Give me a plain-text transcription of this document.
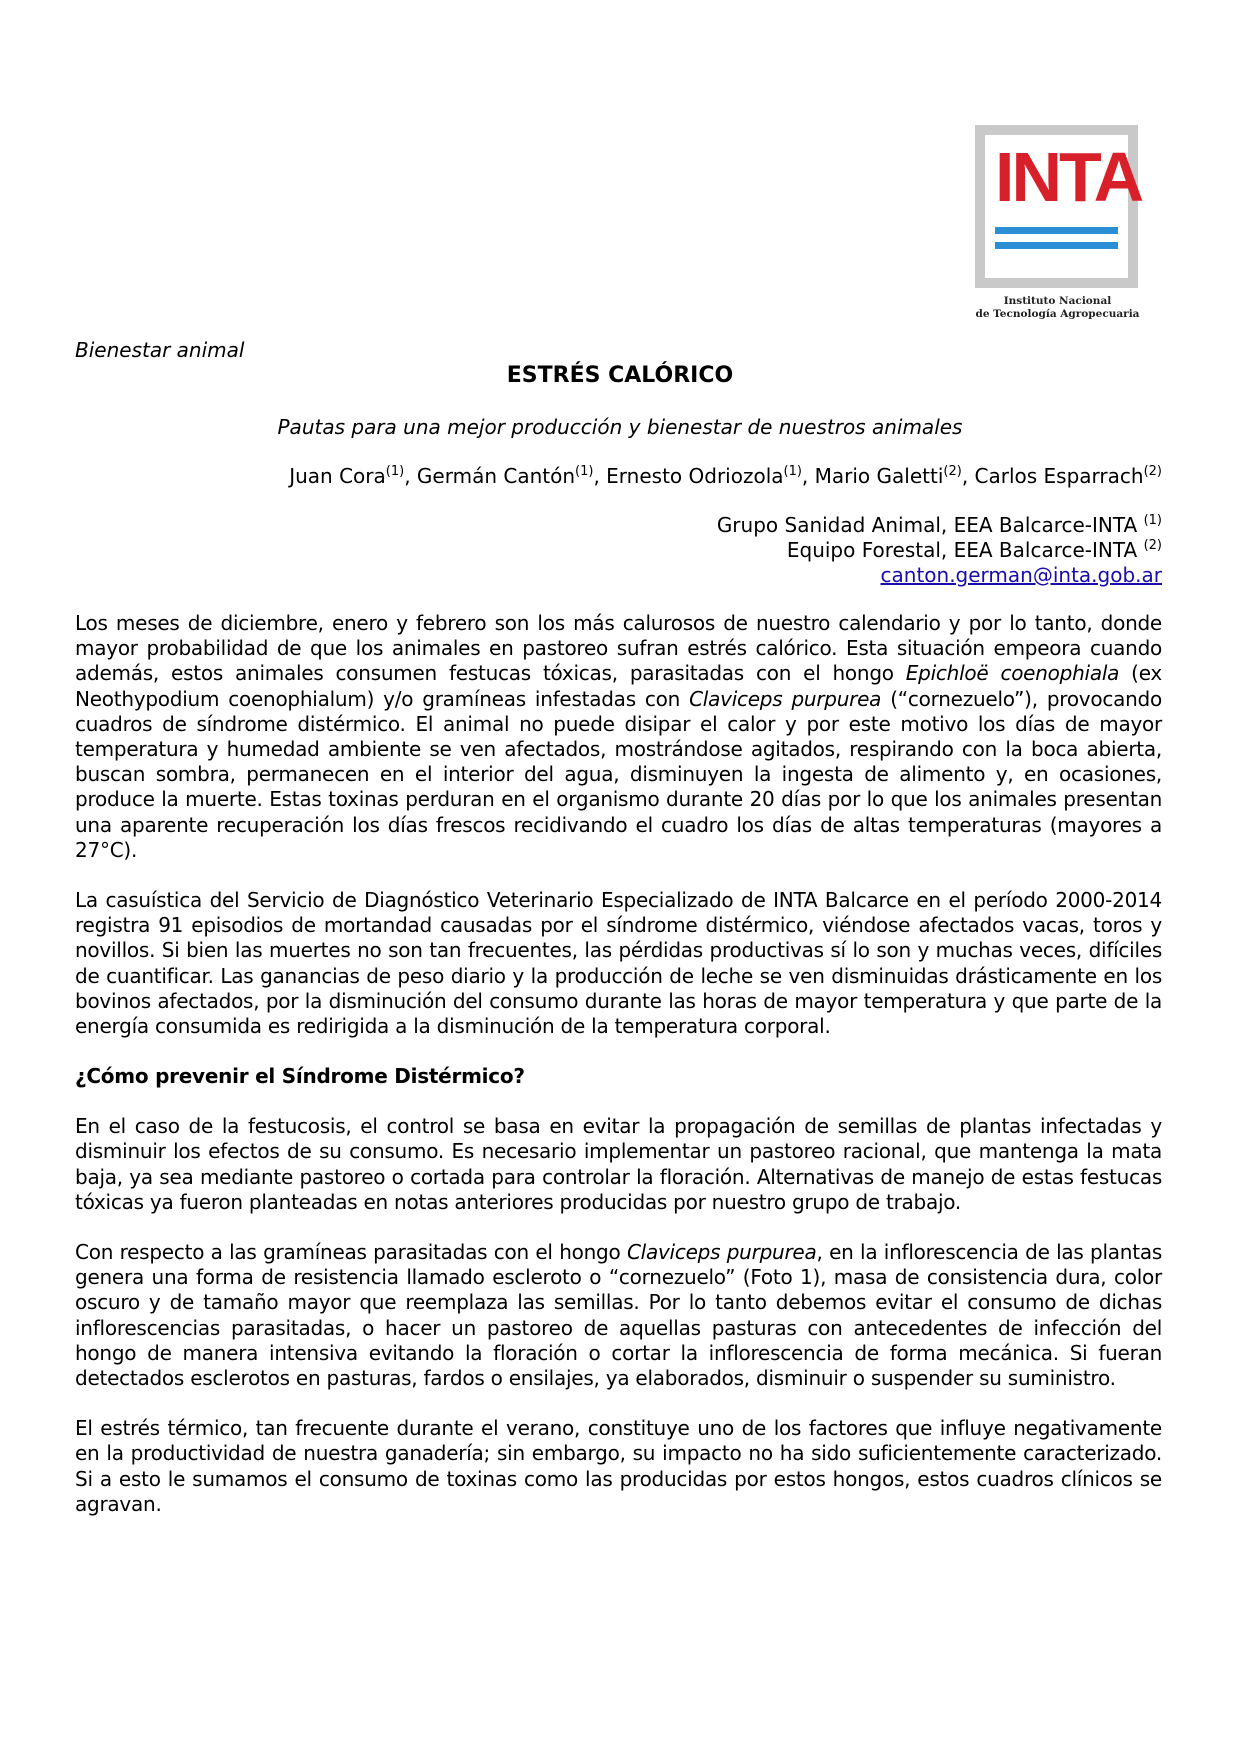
INTA
Instituto Nacional
de Tecnología Agropecuaria
Bienestar animal
ESTRÉS CALÓRICO
Pautas para una mejor producción y bienestar de nuestros animales
Juan Cora$^{(1)}$, Germán Cantón$^{(1)}$, Ernesto Odriozola$^{(1)}$, Mario Galetti$^{(2)}$, Carlos Esparrach$^{(2)}$
Grupo Sanidad Animal, EEA Balcarce-INTA $^{(1)}$
Equipo Forestal, EEA Balcarce-INTA $^{(2)}$
canton.german@inta.gob.ar

Los meses de diciembre, enero y febrero son los más calurosos de nuestro calendario y por lo tanto, donde mayor probabilidad de que los animales en pastoreo sufran estrés calórico. Esta situación empeora cuando además, estos animales consumen festucas tóxicas, parasitadas con el hongo Epichloë coenophiala (ex Neothypodium coenophialum) y/o gramíneas infestadas con Claviceps purpurea (“cornezuelo”), provocando cuadros de síndrome distérmico. El animal no puede disipar el calor y por este motivo los días de mayor temperatura y humedad ambiente se ven afectados, mostrándose agitados, respirando con la boca abierta, buscan sombra, permanecen en el interior del agua, disminuyen la ingesta de alimento y, en ocasiones, produce la muerte. Estas toxinas perduran en el organismo durante 20 días por lo que los animales presentan una aparente recuperación los días frescos recidivando el cuadro los días de altas temperaturas (mayores a 27°C).

La casuística del Servicio de Diagnóstico Veterinario Especializado de INTA Balcarce en el período 2000-2014 registra 91 episodios de mortandad causadas por el síndrome distérmico, viéndose afectados vacas, toros y novillos. Si bien las muertes no son tan frecuentes, las pérdidas productivas sí lo son y muchas veces, difíciles de cuantificar. Las ganancias de peso diario y la producción de leche se ven disminuidas drásticamente en los bovinos afectados, por la disminución del consumo durante las horas de mayor temperatura y que parte de la energía consumida es redirigida a la disminución de la temperatura corporal.

¿Cómo prevenir el Síndrome Distérmico?

En el caso de la festucosis, el control se basa en evitar la propagación de semillas de plantas infectadas y disminuir los efectos de su consumo. Es necesario implementar un pastoreo racional, que mantenga la mata baja, ya sea mediante pastoreo o cortada para controlar la floración. Alternativas de manejo de estas festucas tóxicas ya fueron planteadas en notas anteriores producidas por nuestro grupo de trabajo.

Con respecto a las gramíneas parasitadas con el hongo Claviceps purpurea, en la inflorescencia de las plantas genera una forma de resistencia llamado escleroto o “cornezuelo” (Foto 1), masa de consistencia dura, color oscuro y de tamaño mayor que reemplaza las semillas. Por lo tanto debemos evitar el consumo de dichas inflorescencias parasitadas, o hacer un pastoreo de aquellas pasturas con antecedentes de infección del hongo de manera intensiva evitando la floración o cortar la inflorescencia de forma mecánica. Si fueran detectados esclerotos en pasturas, fardos o ensilajes, ya elaborados, disminuir o suspender su suministro.

El estrés térmico, tan frecuente durante el verano, constituye uno de los factores que influye negativamente en la productividad de nuestra ganadería; sin embargo, su impacto no ha sido suficientemente caracterizado. Si a esto le sumamos el consumo de toxinas como las producidas por estos hongos, estos cuadros clínicos se agravan.
